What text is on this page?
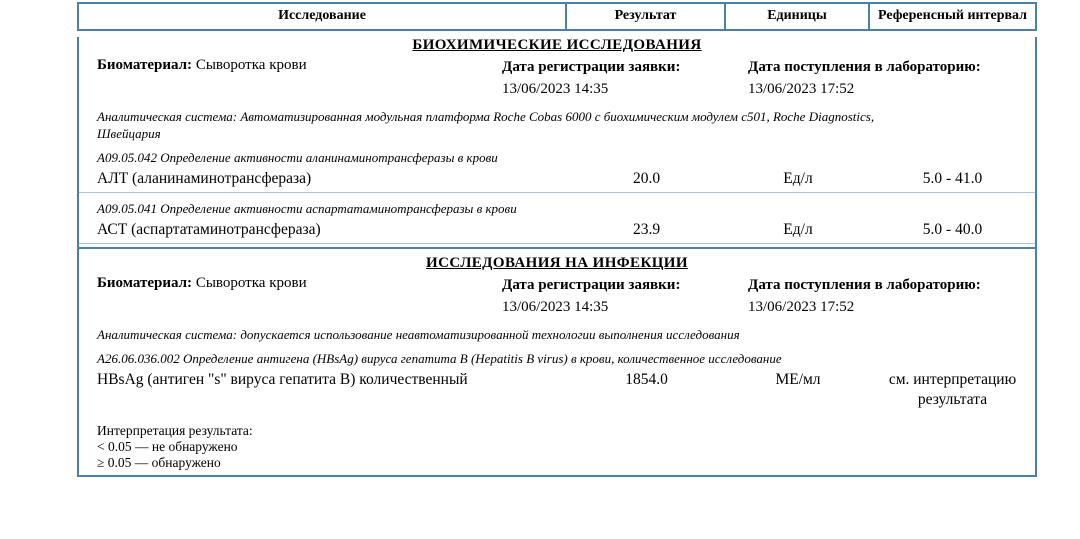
Исследование	Результат	Единицы	Референсный интервал
БИОХИМИЧЕСКИЕ ИССЛЕДОВАНИЯ
Биоматериал: Сыворотка крови	Дата регистрации заявки:
13/06/2023 14:35
Дата поступления в лабораторию:
13/06/2023 17:52
Аналитическая система: Автоматизированная модульная платформа Roche Cobas 6000 с биохимическим модулем c501, Roche Diagnostics,
Швейцария
А09.05.042 Определение активности аланинаминотрансферазы в крови
АЛТ (аланинаминотрансфераза)	20.0	Ед/л	5.0 - 41.0
А09.05.041 Определение активности аспартатаминотрансферазы в крови
АСТ (аспартатаминотрансфераза)	23.9	Ед/л	5.0 - 40.0
ИССЛЕДОВАНИЯ НА ИНФЕКЦИИ
Биоматериал: Сыворотка крови	Дата регистрации заявки:
13/06/2023 14:35
Дата поступления в лабораторию:
13/06/2023 17:52
Аналитическая система: допускается использование неавтоматизированной технологии выполнения исследования
А26.06.036.002 Определение антигена (HBsAg) вируса гепатита В (Hepatitis B virus) в крови, количественное исследование
HBsAg (антиген "s" вируса гепатита В) количественный	1854.0	МЕ/мл	см. интерпретацию результата
Интерпретация результата:
< 0.05 — не обнаружено
≥ 0.05 — обнаружено
